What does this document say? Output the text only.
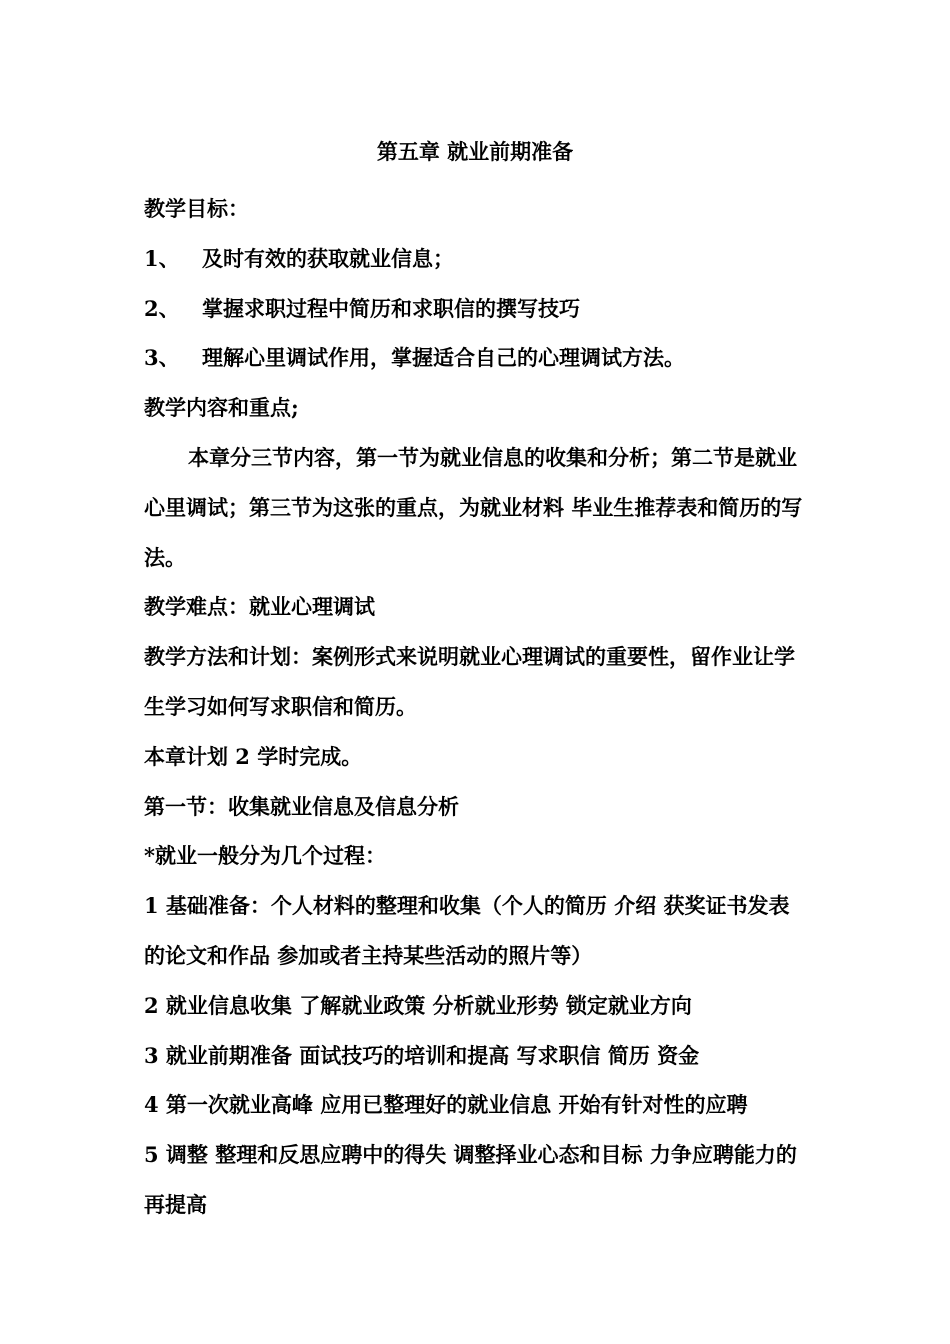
第五章 就业前期准备

教学目标：

1、 及时有效的获取就业信息；

2、 掌握求职过程中简历和求职信的撰写技巧

3、 理解心里调试作用，掌握适合自己的心理调试方法。

教学内容和重点;

本章分三节内容，第一节为就业信息的收集和分析；第二节是就业心里调试；第三节为这张的重点，为就业材料 毕业生推荐表和简历的写法。

教学难点：就业心理调试

教学方法和计划：案例形式来说明就业心理调试的重要性，留作业让学生学习如何写求职信和简历。

本章计划 2 学时完成。

第一节：收集就业信息及信息分析

*就业一般分为几个过程：

1 基础准备：个人材料的整理和收集（个人的简历 介绍 获奖证书发表的论文和作品 参加或者主持某些活动的照片等）

2 就业信息收集 了解就业政策 分析就业形势 锁定就业方向

3 就业前期准备 面试技巧的培训和提高 写求职信 简历 资金

4 第一次就业高峰 应用已整理好的就业信息 开始有针对性的应聘

5 调整 整理和反思应聘中的得失 调整择业心态和目标 力争应聘能力的再提高
